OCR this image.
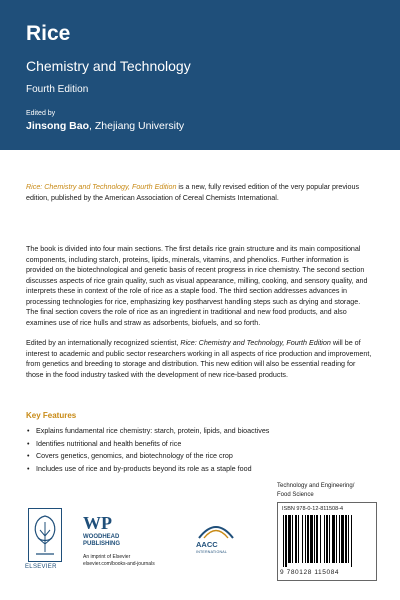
Rice
Chemistry and Technology
Fourth Edition
Edited by
Jinsong Bao, Zhejiang University

Rice: Chemistry and Technology, Fourth Edition is a new, fully revised edition of the very popular previous edition, published by the American Association of Cereal Chemists International.

The book is divided into four main sections. The first details rice grain structure and its main compositional components, including starch, proteins, lipids, minerals, vitamins, and phenolics. Further information is provided on the biotechnological and genetic basis of recent progress in rice chemistry. The second section discusses aspects of rice grain quality, such as visual appearance, milling, cooking, and sensory quality, and interprets these in context of the role of rice as a staple food. The third section addresses advances in processing technologies for rice, emphasizing key postharvest handling steps such as drying and storage. The final section covers the role of rice as an ingredient in traditional and new food products, and also examines use of rice hulls and straw as adsorbents, biofuels, and so forth.

Edited by an internationally recognized scientist, Rice: Chemistry and Technology, Fourth Edition will be of interest to academic and public sector researchers working in all aspects of rice production and improvement, from genetics and breeding to storage and distribution. This new edition will also be essential reading for those in the food industry tasked with the development of new rice-based products.

Key Features
• Explains fundamental rice chemistry: starch, protein, lipids, and bioactives
• Identifies nutritional and health benefits of rice
• Covers genetics, genomics, and biotechnology of the rice crop
• Includes use of rice and by-products beyond its role as a staple food
Technology and Engineering/
Food Science
ELSEVIER
WP
WOODHEAD
PUBLISHING
An imprint of Elsevier
elsevier.com/books-and-journals
AACC
INTERNATIONAL
ISBN 978-0-12-811508-4
9 780128 115084
